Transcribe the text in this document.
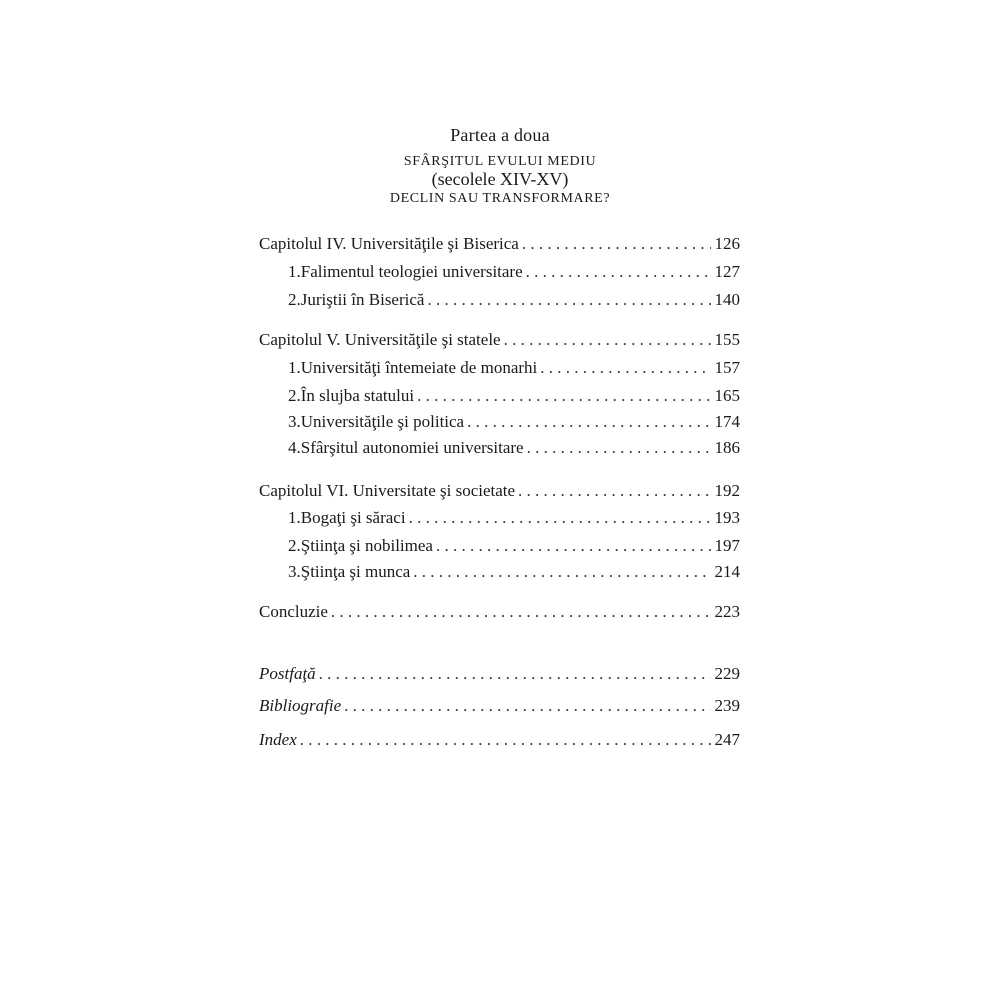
Partea a doua
SFÂRŞITUL EVULUI MEDIU
(secolele XIV-XV)
DECLIN SAU TRANSFORMARE?
Capitolul IV. Universităţile şi Biserica . . .	126
1. Falimentul teologiei universitare . . .	127
2. Juriştii în Biserică . . .	140
Capitolul V. Universităţile şi statele . . .	155
1. Universităţi întemeiate de monarhi . . .	157
2. În slujba statului . . .	165
3. Universităţile şi politica . . .	174
4. Sfârşitul autonomiei universitare . . .	186
Capitolul VI. Universitate şi societate . . .	192
1. Bogaţi şi săraci . . .	193
2. Ştiinţa şi nobilimea . . .	197
3. Ştiinţa şi munca . . .	214
Concluzie . . .	223
Postfaţă . . .	229
Bibliografie . . .	239
Index . . .	247
